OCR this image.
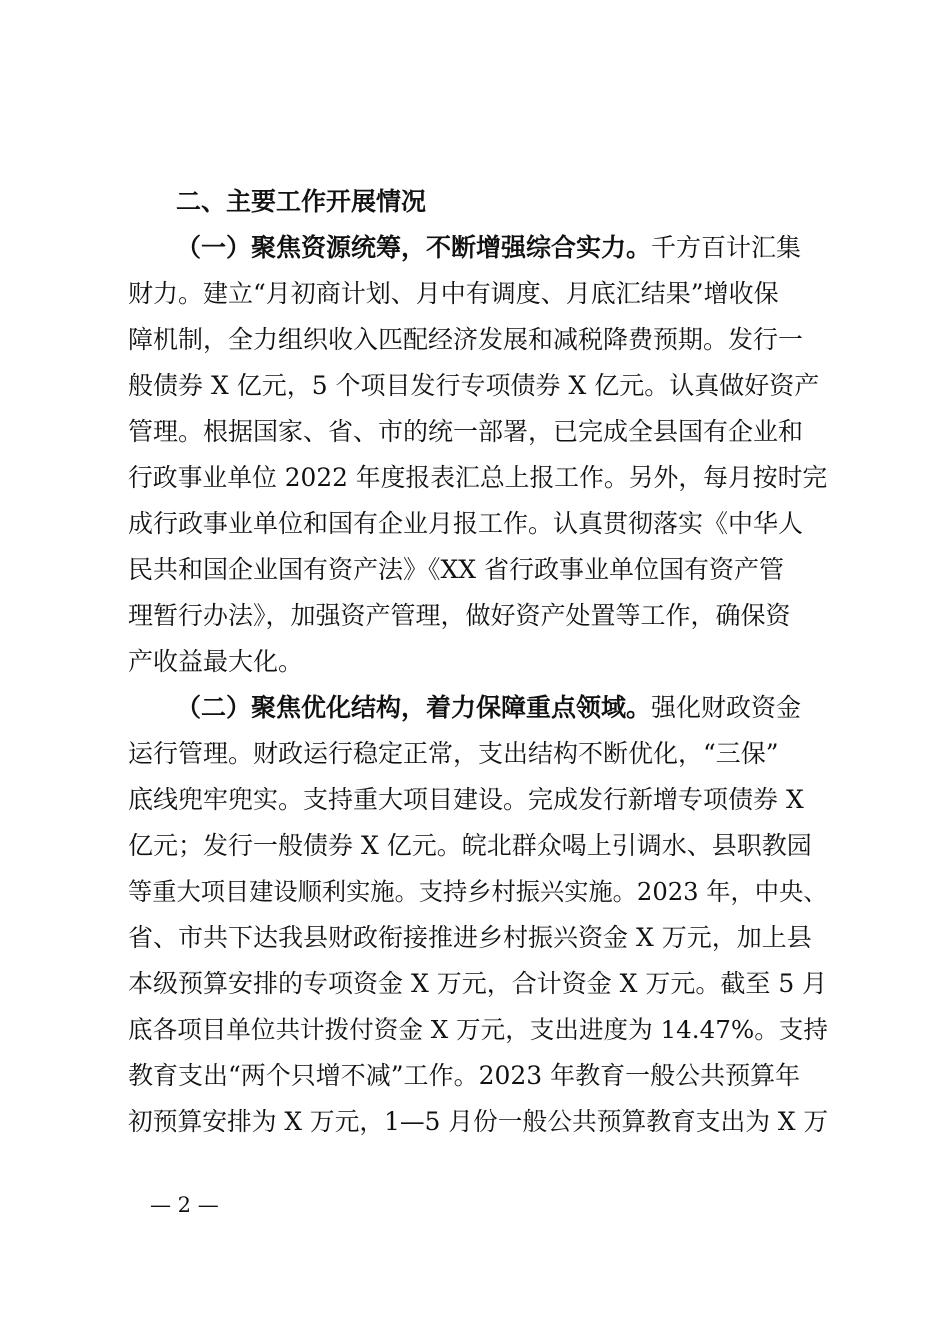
二、主要工作开展情况
（一）聚焦资源统筹，不断增强综合实力。千方百计汇集
财力。建立“月初商计划、月中有调度、月底汇结果”增收保
障机制，全力组织收入匹配经济发展和减税降费预期。发行一
般债券 X 亿元，5 个项目发行专项债券 X 亿元。认真做好资产
管理。根据国家、省、市的统一部署，已完成全县国有企业和
行政事业单位 2022 年度报表汇总上报工作。另外，每月按时完
成行政事业单位和国有企业月报工作。认真贯彻落实《中华人
民共和国企业国有资产法》《XX 省行政事业单位国有资产管
理暂行办法》，加强资产管理，做好资产处置等工作，确保资
产收益最大化。
（二）聚焦优化结构，着力保障重点领域。强化财政资金
运行管理。财政运行稳定正常，支出结构不断优化，“三保”
底线兜牢兜实。支持重大项目建设。完成发行新增专项债券 X
亿元；发行一般债券 X 亿元。皖北群众喝上引调水、县职教园
等重大项目建设顺利实施。支持乡村振兴实施。2023 年，中央、
省、市共下达我县财政衔接推进乡村振兴资金 X 万元，加上县
本级预算安排的专项资金 X 万元，合计资金 X 万元。截至 5 月
底各项目单位共计拨付资金 X 万元，支出进度为 14.47%。支持
教育支出“两个只增不减”工作。2023 年教育一般公共预算年
初预算安排为 X 万元，1—5 月份一般公共预算教育支出为 X 万
— 2 —
